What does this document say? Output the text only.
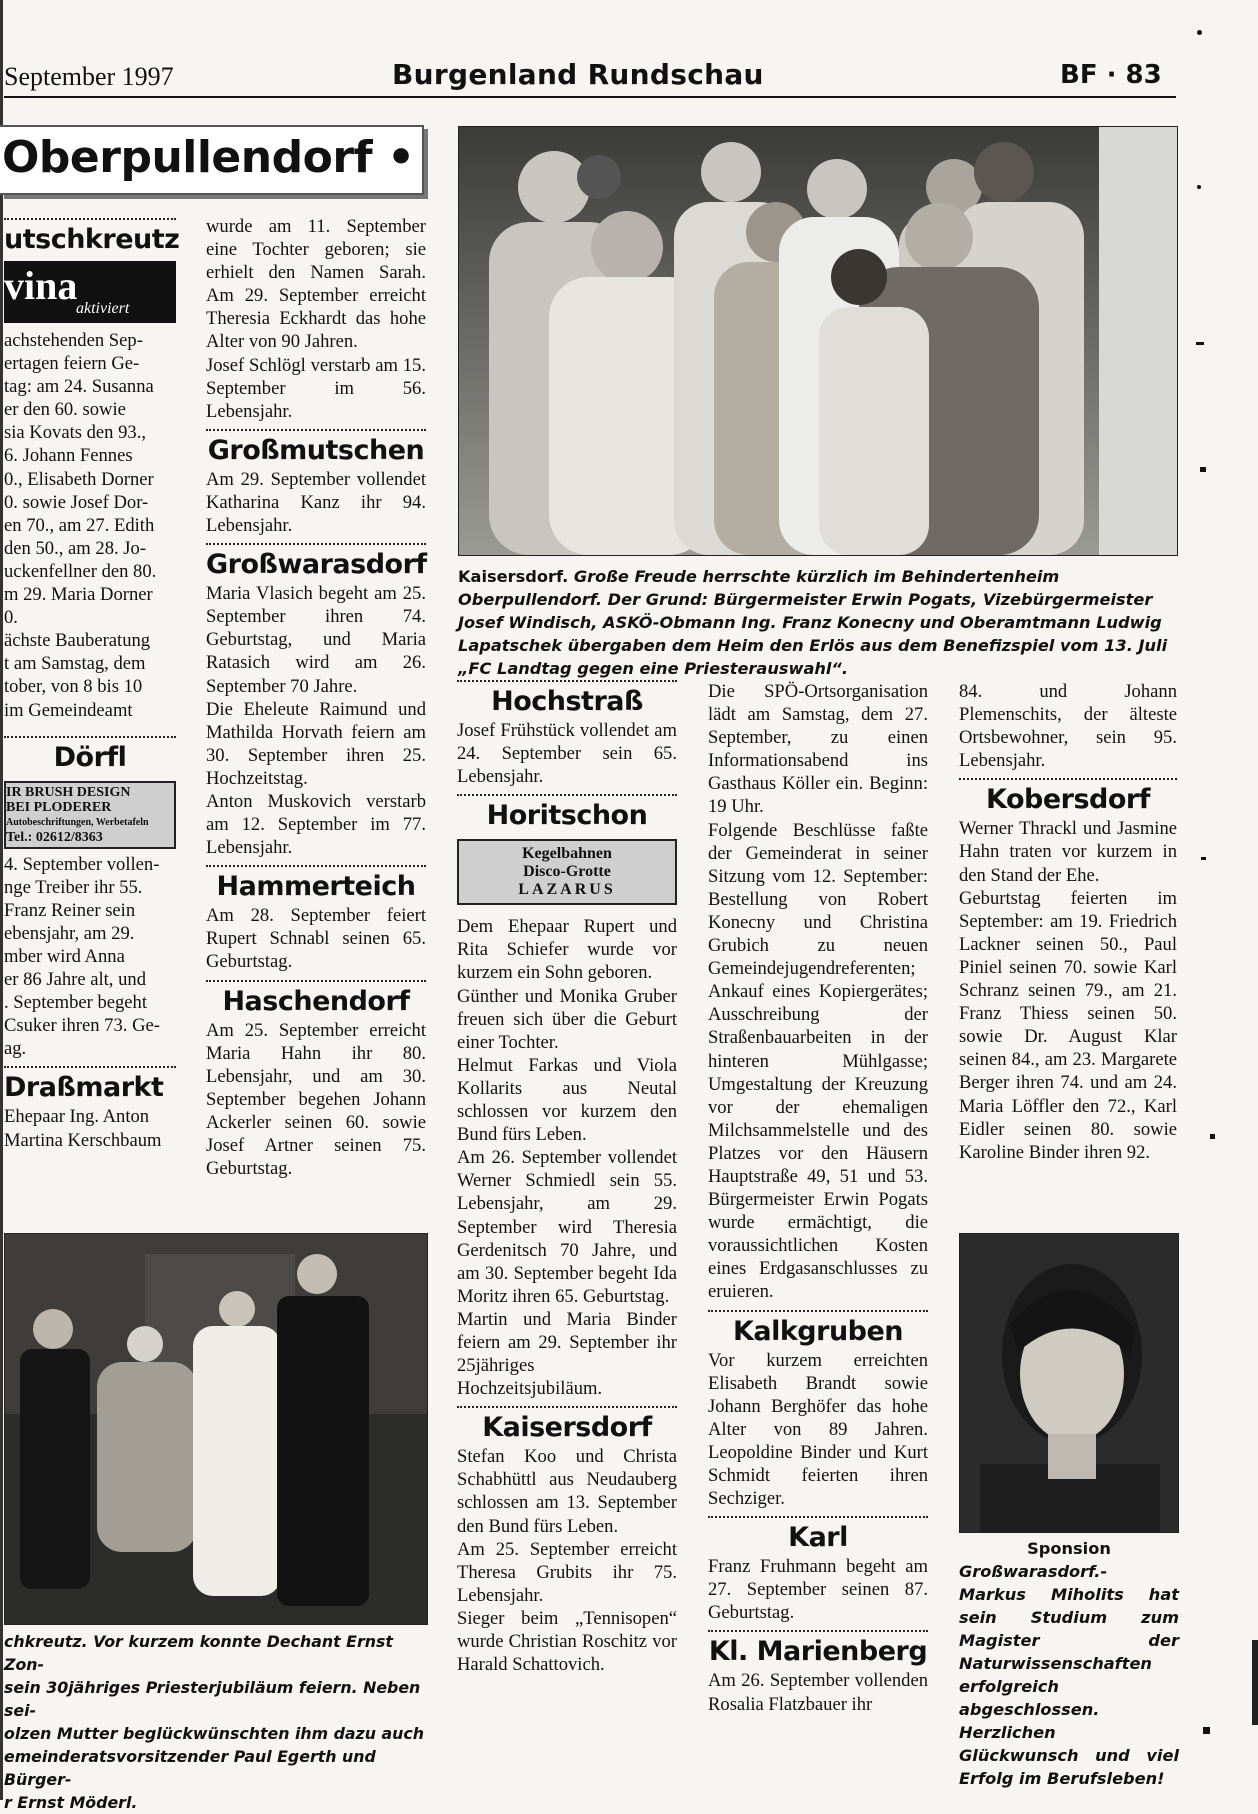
September 1997	Burgenland Rundschau	BF · 83
Oberpullendorf •

utschkreutz

vina
aktiviert
achstehenden Sep-
ertagen feiern Ge-
tag: am 24. Susanna
er den 60. sowie
sia Kovats den 93.,
6. Johann Fennes
0., Elisabeth Dorner
0. sowie Josef Dor-
en 70., am 27. Edith
den 50., am 28. Jo-
uckenfellner den 80.
m 29. Maria Dorner
0.
ächste Bauberatung
t am Samstag, dem
tober, von 8 bis 10
im Gemeindeamt

Dörfl

IR BRUSH DESIGN
BEI PLODERER
Autobeschriftungen, Werbetafeln
Tel.: 02612/8363
4. September vollen-
nge Treiber ihr 55.
Franz Reiner sein
ebensjahr, am 29.
mber wird Anna
er 86 Jahre alt, und
. September begeht
Csuker ihren 73. Ge-
ag.

Draßmarkt

Ehepaar Ing. Anton
Martina Kerschbaum

wurde am 11. September eine Tochter geboren; sie erhielt den Namen Sarah. Am 29. September erreicht Theresia Eckhardt das hohe Alter von 90 Jahren.

Josef Schlögl verstarb am 15. September im 56. Lebensjahr.

Großmutschen

Am 29. September vollendet Katharina Kanz ihr 94. Lebensjahr.

Großwarasdorf

Maria Vlasich begeht am 25. September ihren 74. Geburtstag, und Maria Ratasich wird am 26. September 70 Jahre.

Die Eheleute Raimund und Mathilda Horvath feiern am 30. September ihren 25. Hochzeitstag.

Anton Muskovich verstarb am 12. September im 77. Lebensjahr.

Hammerteich

Am 28. September feiert Rupert Schnabl seinen 65. Geburtstag.

Haschendorf

Am 25. September erreicht Maria Hahn ihr 80. Lebensjahr, und am 30. September begehen Johann Ackerler seinen 60. sowie Josef Artner seinen 75. Geburtstag.

Kaisersdorf. Große Freude herrschte kürzlich im Behindertenheim Oberpullendorf. Der Grund: Bürgermeister Erwin Pogats, Vizebürgermeister Josef Windisch, ASKÖ-Obmann Ing. Franz Konecny und Oberamtmann Ludwig Lapatschek übergaben dem Heim den Erlös aus dem Benefizspiel vom 13. Juli „FC Landtag gegen eine Priesterauswahl“.

Hochstraß

Josef Frühstück vollendet am 24. September sein 65. Lebensjahr.

Horitschon

Kegelbahnen
Disco-Grotte
LAZARUS

Dem Ehepaar Rupert und Rita Schiefer wurde vor kurzem ein Sohn geboren.

Günther und Monika Gruber freuen sich über die Geburt einer Tochter.

Helmut Farkas und Viola Kollarits aus Neutal schlossen vor kurzem den Bund fürs Leben.

Am 26. September vollendet Werner Schmiedl sein 55. Lebensjahr, am 29. September wird Theresia Gerdenitsch 70 Jahre, und am 30. September begeht Ida Moritz ihren 65. Geburtstag.

Martin und Maria Binder feiern am 29. September ihr 25jähriges Hochzeitsjubiläum.

Kaisersdorf

Stefan Koo und Christa Schabhüttl aus Neudauberg schlossen am 13. September den Bund fürs Leben.

Am 25. September erreicht Theresa Grubits ihr 75. Lebensjahr.

Sieger beim „Tennisopen“ wurde Christian Roschitz vor Harald Schattovich.

Die SPÖ-Ortsorganisation lädt am Samstag, dem 27. September, zu einen Informationsabend ins Gasthaus Köller ein. Beginn: 19 Uhr.

Folgende Beschlüsse faßte der Gemeinderat in seiner Sitzung vom 12. September: Bestellung von Robert Konecny und Christina Grubich zu neuen Gemeindejugendreferenten; Ankauf eines Kopiergerätes; Ausschreibung der Straßenbauarbeiten in der hinteren Mühlgasse; Umgestaltung der Kreuzung vor der ehemaligen Milchsammelstelle und des Platzes vor den Häusern Hauptstraße 49, 51 und 53. Bürgermeister Erwin Pogats wurde ermächtigt, die voraussichtlichen Kosten eines Erdgasanschlusses zu eruieren.

Kalkgruben

Vor kurzem erreichten Elisabeth Brandt sowie Johann Berghöfer das hohe Alter von 89 Jahren. Leopoldine Binder und Kurt Schmidt feierten ihren Sechziger.

Karl

Franz Fruhmann begeht am 27. September seinen 87. Geburtstag.

Kl. Marienberg

Am 26. September vollenden Rosalia Flatzbauer ihr

84. und Johann Plemenschits, der älteste Ortsbewohner, sein 95. Lebensjahr.

Kobersdorf

Werner Thrackl und Jasmine Hahn traten vor kurzem in den Stand der Ehe.

Geburtstag feierten im September: am 19. Friedrich Lackner seinen 50., Paul Piniel seinen 70. sowie Karl Schranz seinen 79., am 21. Franz Thiess seinen 50. sowie Dr. August Klar seinen 84., am 23. Margarete Berger ihren 74. und am 24. Maria Löffler den 72., Karl Eidler seinen 80. sowie Karoline Binder ihren 92.

Sponsion
Großwarasdorf.- Markus Miholits hat sein Studium zum Magister der Naturwissenschaften erfolgreich abgeschlossen. Herzlichen Glückwunsch und viel Erfolg im Berufsleben!
chkreutz. Vor kurzem konnte Dechant Ernst Zon-
sein 30jähriges Priesterjubiläum feiern. Neben sei-
olzen Mutter beglückwünschten ihm dazu auch
emeinderatsvorsitzender Paul Egerth und Bürger-
r Ernst Möderl.
